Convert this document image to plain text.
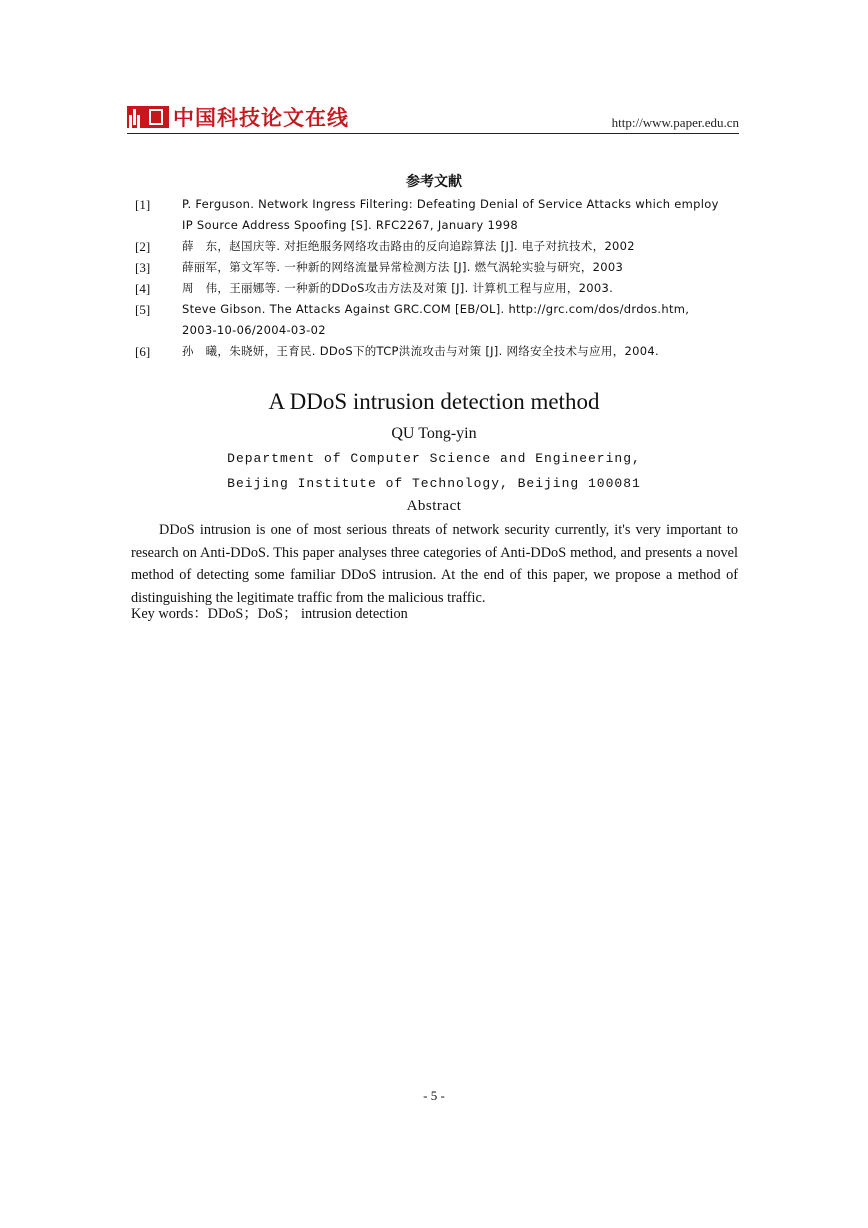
中国科技论文在线	http://www.paper.edu.cn
参考文献
[1]	P. Ferguson. Network Ingress Filtering: Defeating Denial of Service Attacks which employ
IP Source Address Spoofing [S]. RFC2267, January 1998
[2]	薛　东，赵国庆等. 对拒绝服务网络攻击路由的反向追踪算法 [J]. 电子对抗技术，2002
[3]	薛丽军，第文军等. 一种新的网络流量异常检测方法 [J]. 燃气涡轮实验与研究，2003
[4]	周　伟，王丽娜等. 一种新的DDoS攻击方法及对策 [J]. 计算机工程与应用，2003.
[5]	Steve Gibson. The Attacks Against GRC.COM [EB/OL]. http://grc.com/dos/drdos.htm,
2003-10-06/2004-03-02
[6]	孙　曦，朱晓妍，王育民. DDoS下的TCP洪流攻击与对策 [J]. 网络安全技术与应用，2004.
A DDoS intrusion detection method
QU Tong-yin
Department of Computer Science and Engineering,
Beijing Institute of Technology, Beijing 100081
Abstract
DDoS intrusion is one of most serious threats of network security currently, it's very important to research on Anti-DDoS. This paper analyses three categories of Anti-DDoS method, and presents a novel method of detecting some familiar DDoS intrusion. At the end of this paper, we propose a method of distinguishing the legitimate traffic from the malicious traffic.
Key words：DDoS；DoS； intrusion detection
- 5 -
